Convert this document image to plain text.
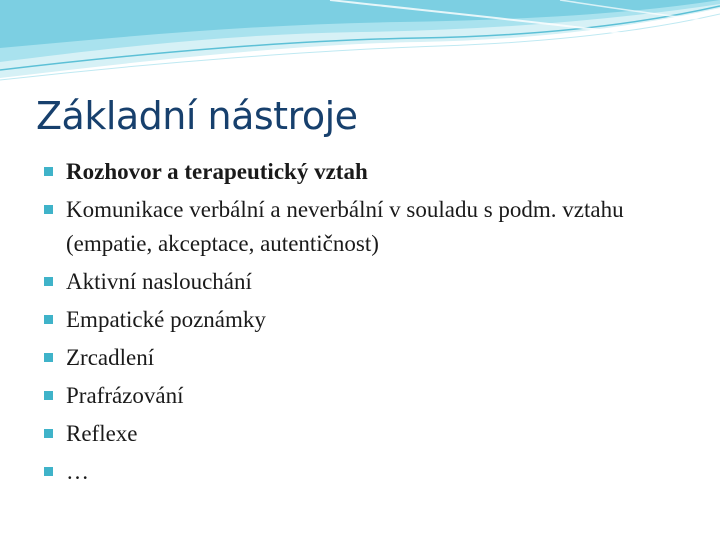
Základní nástroje
Rozhovor a terapeutický vztah
Komunikace verbální a neverbální v souladu s podm. vztahu (empatie, akceptace, autentičnost)
Aktivní naslouchání
Empatické poznámky
Zrcadlení
Prafrázování
Reflexe
…
